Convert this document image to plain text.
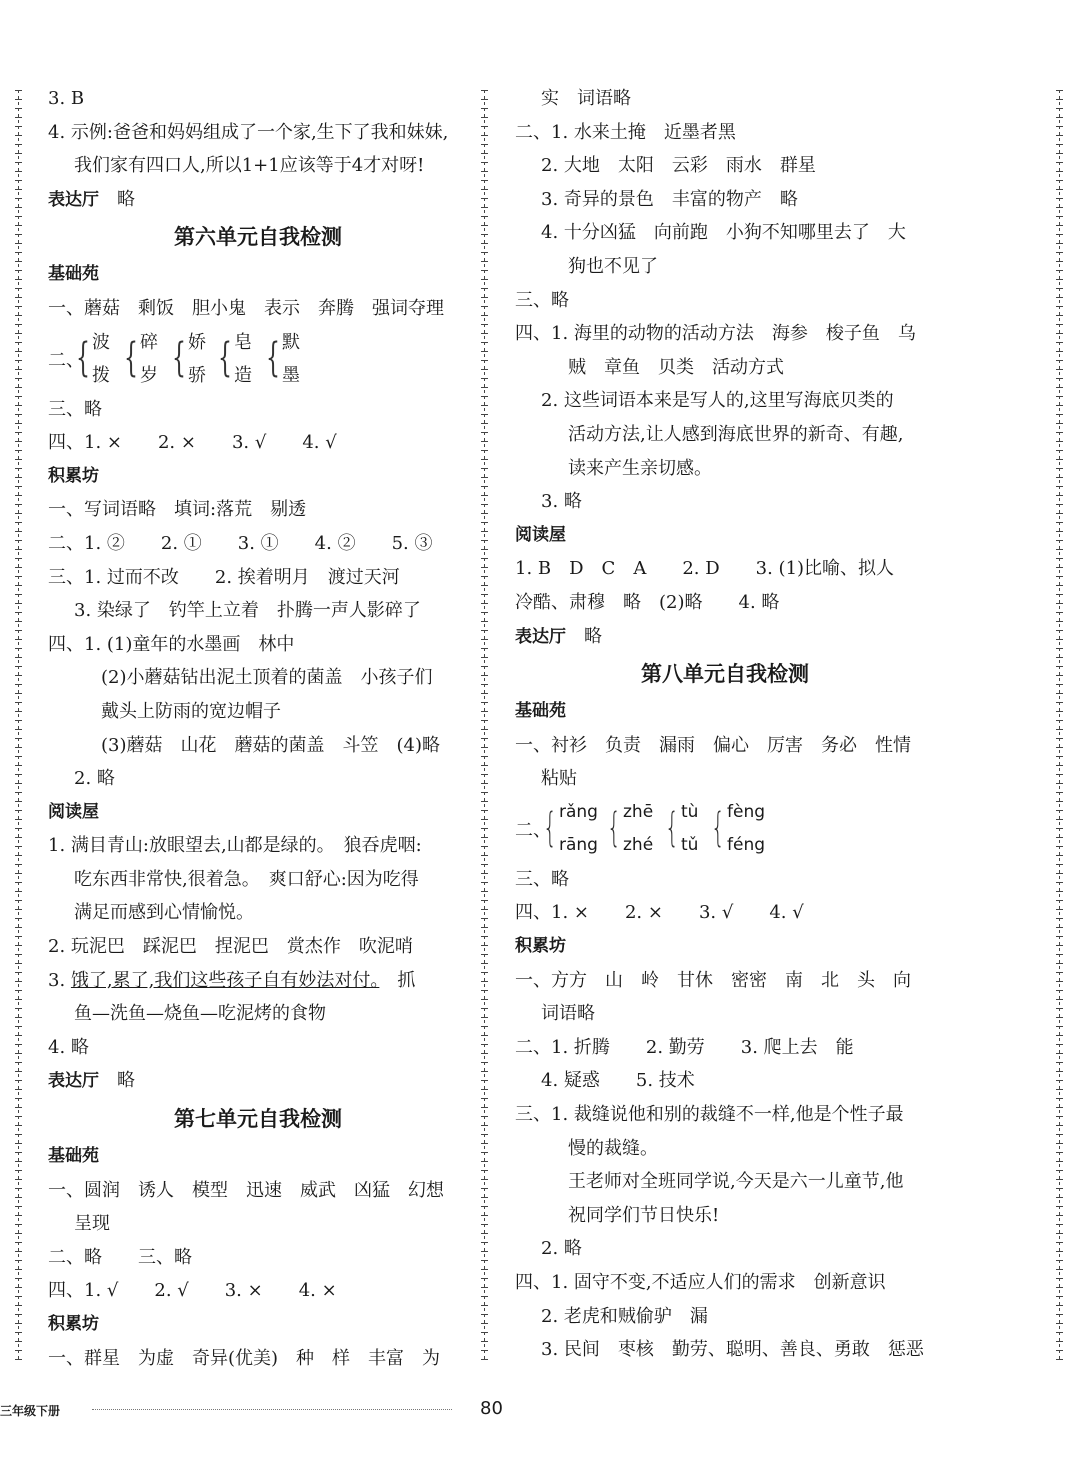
3. B
4. 示例:爸爸和妈妈组成了一个家,生下了我和妹妹,
我们家有四口人,所以1+1应该等于4才对呀!
表达厅　 略
第六单元自我检测
基础苑
一、蘑菇　剩饭　胆小鬼　表示　奔腾　强词夺理
二、
{ 波
拨 { 碎
岁 { 娇
骄 { 皂
造 { 默
墨
三、略
四、1. ×　　2. ×　　3. √　　4. √
积累坊
一、写词语略　填词:落荒　剔透
二、1. ②　　2. ①　　3. ①　　4. ②　　5. ③
三、1. 过而不改　　2. 挨着明月　渡过天河
3. 染绿了　钓竿上立着　扑腾一声人影碎了
四、1. (1)童年的水墨画　林中
(2)小蘑菇钻出泥土顶着的菌盖　小孩子们
戴头上防雨的宽边帽子
(3)蘑菇　山花　蘑菇的菌盖　斗笠　(4)略
2. 略
阅读屋
1. 满目青山:放眼望去,山都是绿的。　狼吞虎咽:
吃东西非常快,很着急。　爽口舒心:因为吃得
满足而感到心情愉悦。
2. 玩泥巴　踩泥巴　捏泥巴　赏杰作　吹泥哨
3. 饿了,累了,我们这些孩子自有妙法对付。　抓
鱼—洗鱼—烧鱼—吃泥烤的食物
4. 略
表达厅　 略
第七单元自我检测
基础苑
一、圆润　诱人　模型　迅速　威武　凶猛　幻想
呈现
二、略　　三、略
四、1. √　　2. √　　3. ×　　4. ×
积累坊
一、群星　为虚　奇异(优美)　种　样　丰富　为
实　词语略
二、1. 水来土掩　近墨者黑
2. 大地　太阳　云彩　雨水　群星
3. 奇异的景色　丰富的物产　略
4. 十分凶猛　向前跑　小狗不知哪里去了　大
狗也不见了
三、略
四、1. 海里的动物的活动方法　海参　梭子鱼　乌
贼　章鱼　贝类　活动方式
2. 这些词语本来是写人的,这里写海底贝类的
活动方法,让人感到海底世界的新奇、有趣,
读来产生亲切感。
3. 略
阅读屋
1. B　D　C　A　　2. D　　3. (1)比喻、拟人
冷酷、肃穆　略　(2)略　　4. 略
表达厅　 略
第八单元自我检测
基础苑
一、衬衫　负责　漏雨　偏心　厉害　务必　性情
粘贴
二、
{ rǎng
rāng { zhē
zhé { tù
tǔ { fèng
féng
三、略
四、1. ×　　2. ×　　3. √　　4. √
积累坊
一、方方　山　岭　甘休　密密　南　北　头　向
词语略
二、1. 折腾　　2. 勤劳　　3. 爬上去　能
4. 疑惑　　5. 技术
三、1. 裁缝说他和别的裁缝不一样,他是个性子最
慢的裁缝。
王老师对全班同学说,今天是六一儿童节,他
祝同学们节日快乐!
2. 略
四、1. 固守不变,不适应人们的需求　创新意识
2. 老虎和贼偷驴　漏
3. 民间　枣核　勤劳、聪明、善良、勇敢　惩恶
三年级下册	80
